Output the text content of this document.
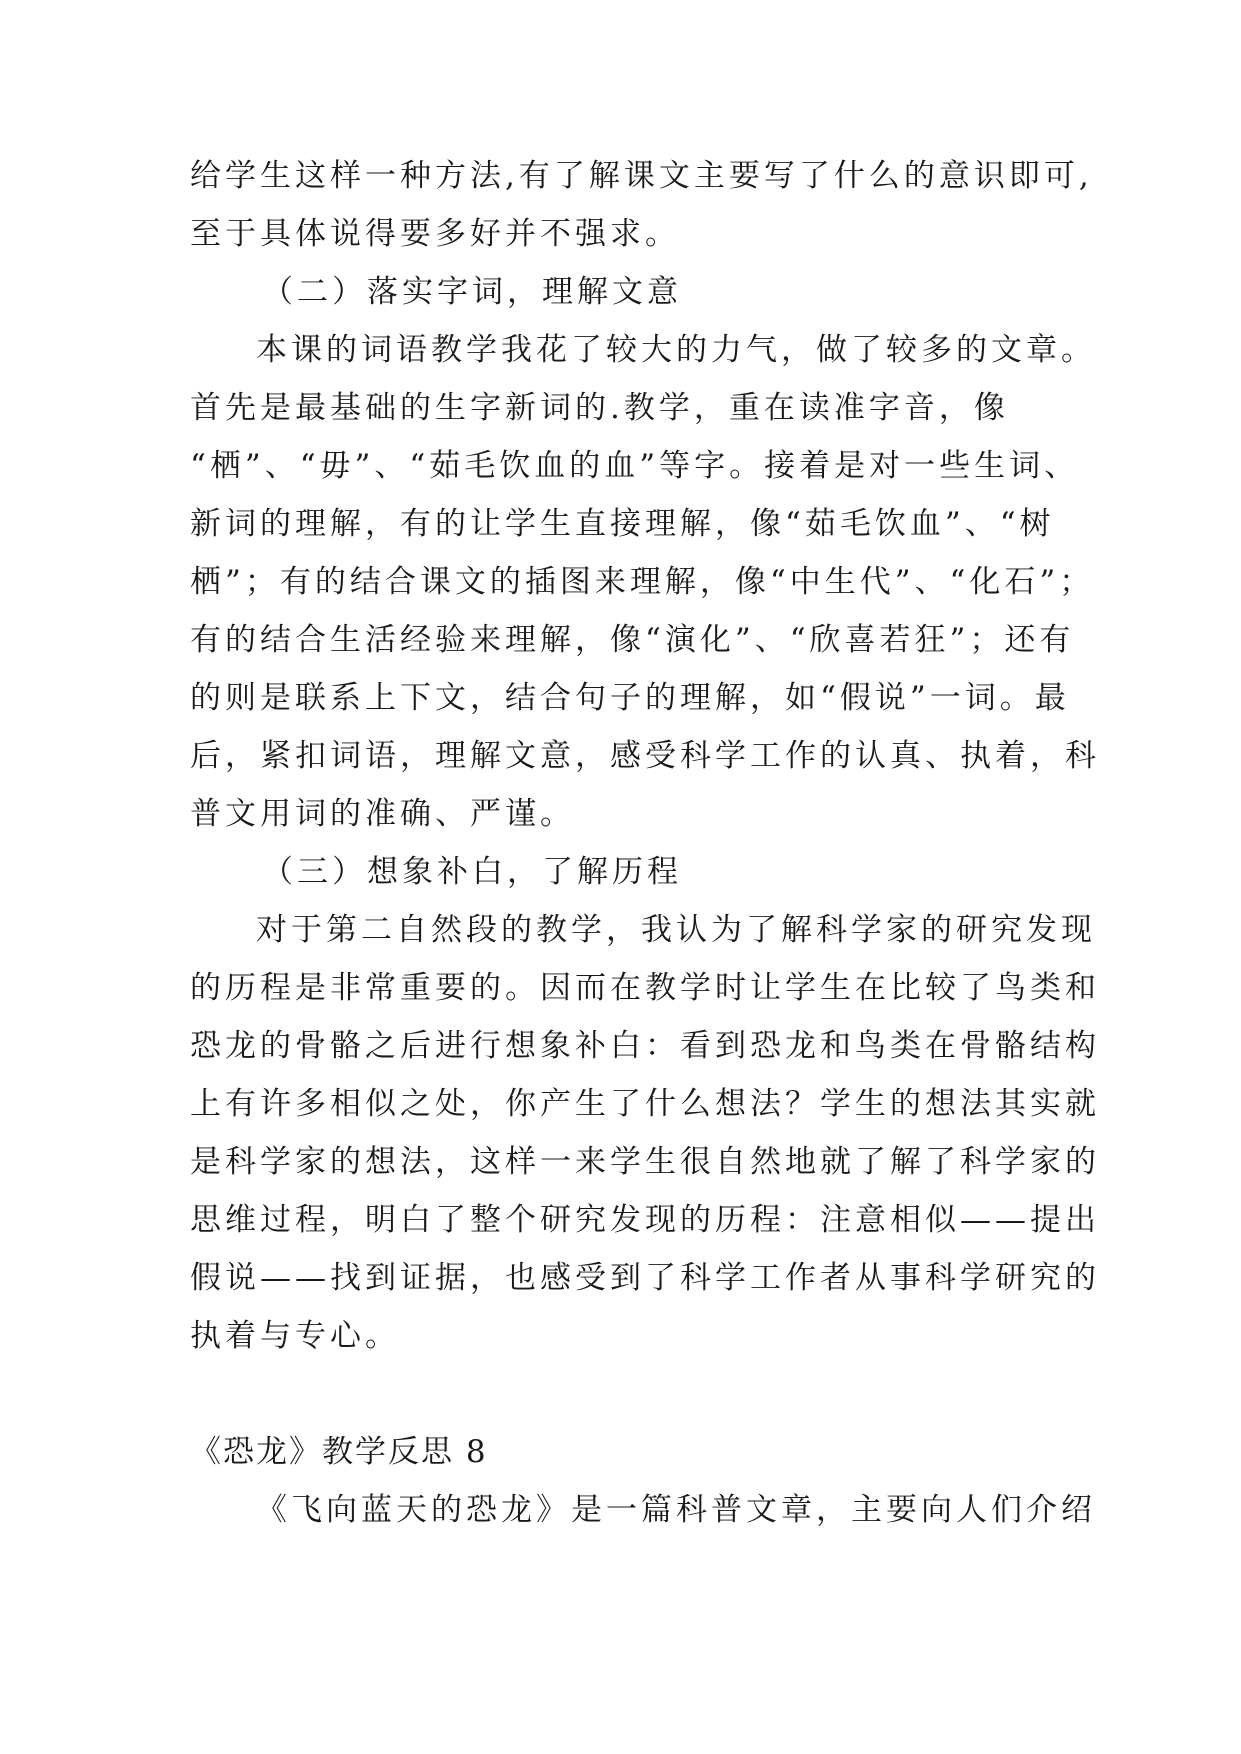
给学生这样一种方法,有了解课文主要写了什么的意识即可,
至于具体说得要多好并不强求。
（二）落实字词，理解文意
本课的词语教学我花了较大的力气，做了较多的文章。
首先是最基础的生字新词的.教学，重在读准字音，像
“栖”、“毋”、“茹毛饮血的血”等字。接着是对一些生词、
新词的理解，有的让学生直接理解，像“茹毛饮血”、“树
栖”；有的结合课文的插图来理解，像“中生代”、“化石”；
有的结合生活经验来理解，像“演化”、“欣喜若狂”；还有
的则是联系上下文，结合句子的理解，如“假说”一词。最
后，紧扣词语，理解文意，感受科学工作的认真、执着，科
普文用词的准确、严谨。
（三）想象补白，了解历程
对于第二自然段的教学，我认为了解科学家的研究发现
的历程是非常重要的。因而在教学时让学生在比较了鸟类和
恐龙的骨骼之后进行想象补白：看到恐龙和鸟类在骨骼结构
上有许多相似之处，你产生了什么想法？学生的想法其实就
是科学家的想法，这样一来学生很自然地就了解了科学家的
思维过程，明白了整个研究发现的历程：注意相似——提出
假说——找到证据，也感受到了科学工作者从事科学研究的
执着与专心。
《恐龙》教学反思 8
《飞向蓝天的恐龙》是一篇科普文章，主要向人们介绍
